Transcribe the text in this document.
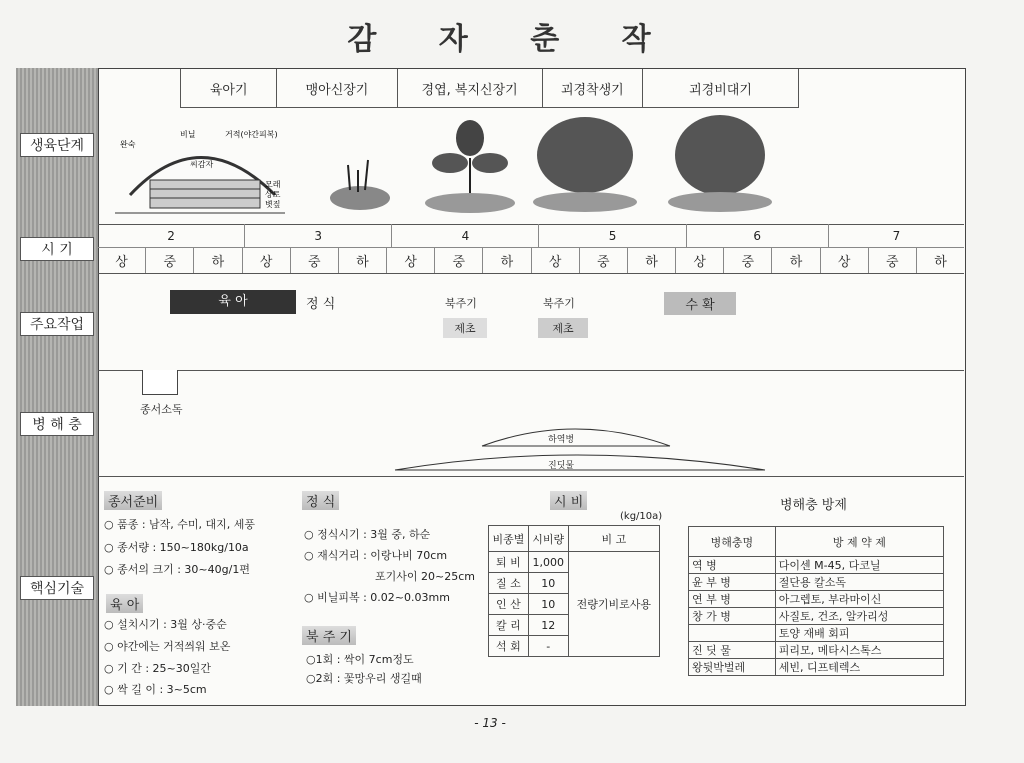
감 자 춘 작
생육단계
시 기
주요작업
병 해 충
핵심기술
육아기	맹아신장기	경엽, 복지신장기	괴경착생기	괴경비대기
완숙
비닐	거적(야간피복)
씨감자
모래
상토
볏짚
2	3	4	5	6	7
상	중	하	상	중	하	상	중	하	상	중	하	상	중	하	상	중	하
육 아	정 식	북주기	북주기
제초	제초
수 확
종서소독
하역병
진딧물
종서준비
○ 품종 : 남작, 수미, 대지, 세풍
○ 종서량 : 150~180kg/10a
○ 종서의 크기 : 30~40g/1편
육 아
○ 설치시기 : 3월 상·중순
○ 야간에는 거적씌워 보온
○ 기 간 : 25~30일간
○ 싹 길 이 : 3~5cm
정 식
○ 정식시기 : 3월 중, 하순
○ 재식거리 : 이랑나비 70cm
포기사이 20~25cm
○ 비닐피복 : 0.02~0.03mm
북 주 기
○1회 : 싹이 7cm정도
○2회 : 꽃망우리 생길때
시 비
(kg/10a)
비종별	시비량	비 고
퇴 비	1,000	전량기비로사용
질 소	10	
인 산	10	
칼 리	12	
석 회	-	
병해충 방제
병해충명	방 제 약 제
역 병	다이센 M-45, 다코닐
윤 부 병	절단용 칼소독
연 부 병	아그렙토, 부라마이신
창 가 병	사질토, 건조, 알카리성
	토양 재배 회피
진 딧 물	피리모, 메타시스톡스
왕뒷박벌레	세빈, 디프테렉스
- 13 -
